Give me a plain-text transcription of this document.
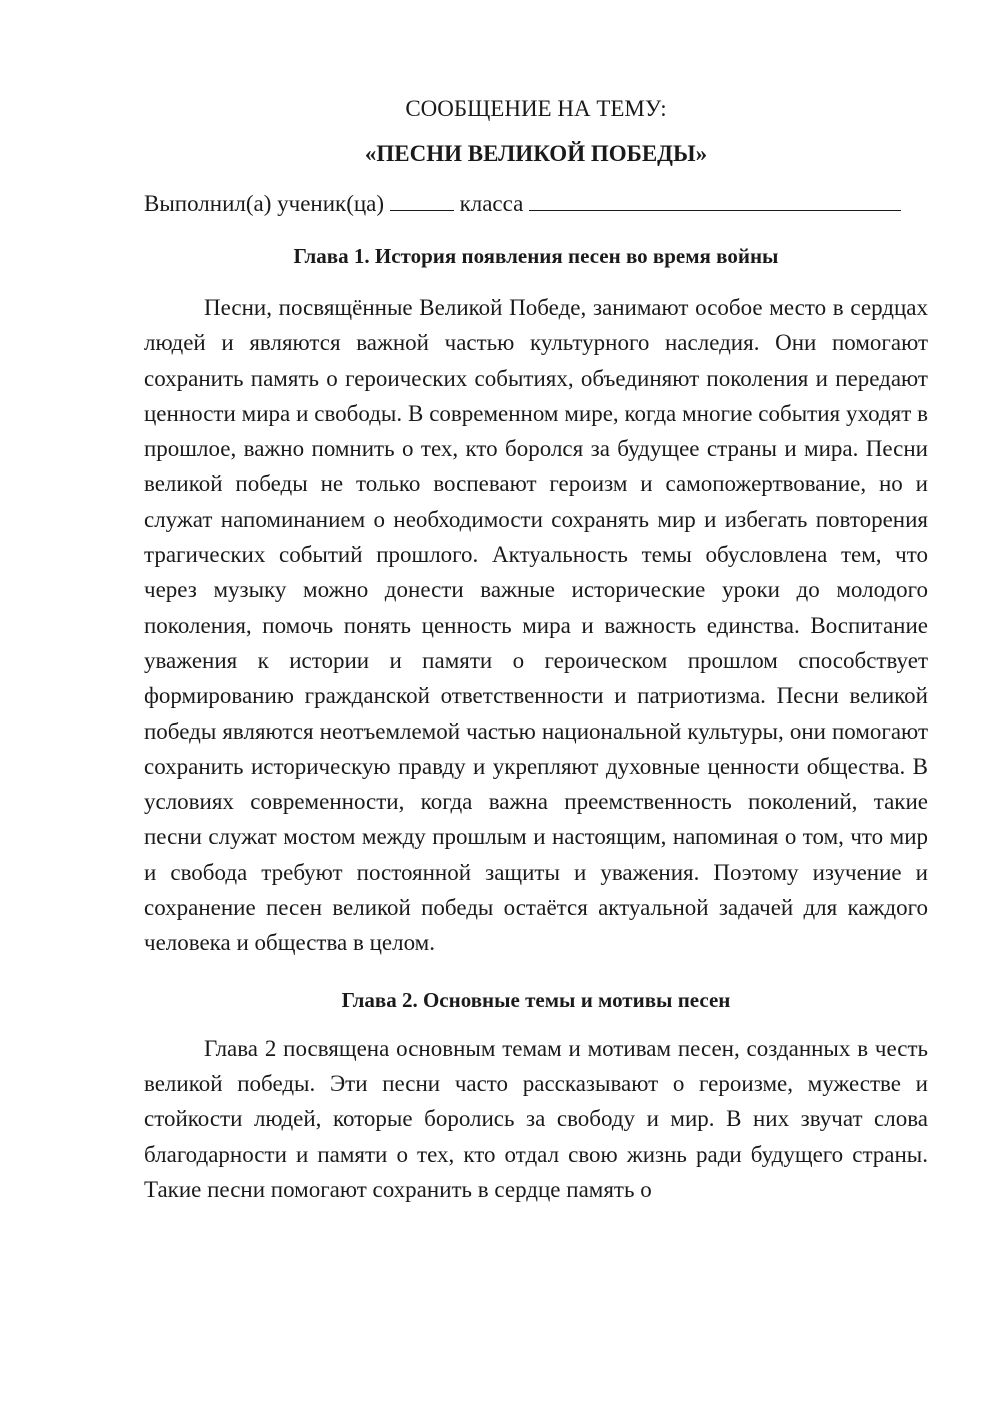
СООБЩЕНИЕ НА ТЕМУ:

«ПЕСНИ ВЕЛИКОЙ ПОБЕДЫ»

Выполнил(а) ученик(ца)	класса
Глава 1. История появления песен во время войны

Песни, посвящённые Великой Победе, занимают особое место в сердцах людей и являются важной частью культурного наследия. Они помогают сохранить память о героических событиях, объединяют поколения и передают ценности мира и свободы. В современном мире, когда многие события уходят в прошлое, важно помнить о тех, кто боролся за будущее страны и мира. Песни великой победы не только воспевают героизм и самопожертвование, но и служат напоминанием о необходимости сохранять мир и избегать повторения трагических событий прошлого. Актуальность темы обусловлена тем, что через музыку можно донести важные исторические уроки до молодого поколения, помочь понять ценность мира и важность единства. Воспитание уважения к истории и памяти о героическом прошлом способствует формированию гражданской ответственности и патриотизма. Песни великой победы являются неотъемлемой частью национальной культуры, они помогают сохранить историческую правду и укрепляют духовные ценности общества. В условиях современности, когда важна преемственность поколений, такие песни служат мостом между прошлым и настоящим, напоминая о том, что мир и свобода требуют постоянной защиты и уважения. Поэтому изучение и сохранение песен великой победы остаётся актуальной задачей для каждого человека и общества в целом.

Глава 2. Основные темы и мотивы песен

Глава 2 посвящена основным темам и мотивам песен, созданных в честь великой победы. Эти песни часто рассказывают о героизме, мужестве и стойкости людей, которые боролись за свободу и мир. В них звучат слова благодарности и памяти о тех, кто отдал свою жизнь ради будущего страны. Такие песни помогают сохранить в сердце память о
